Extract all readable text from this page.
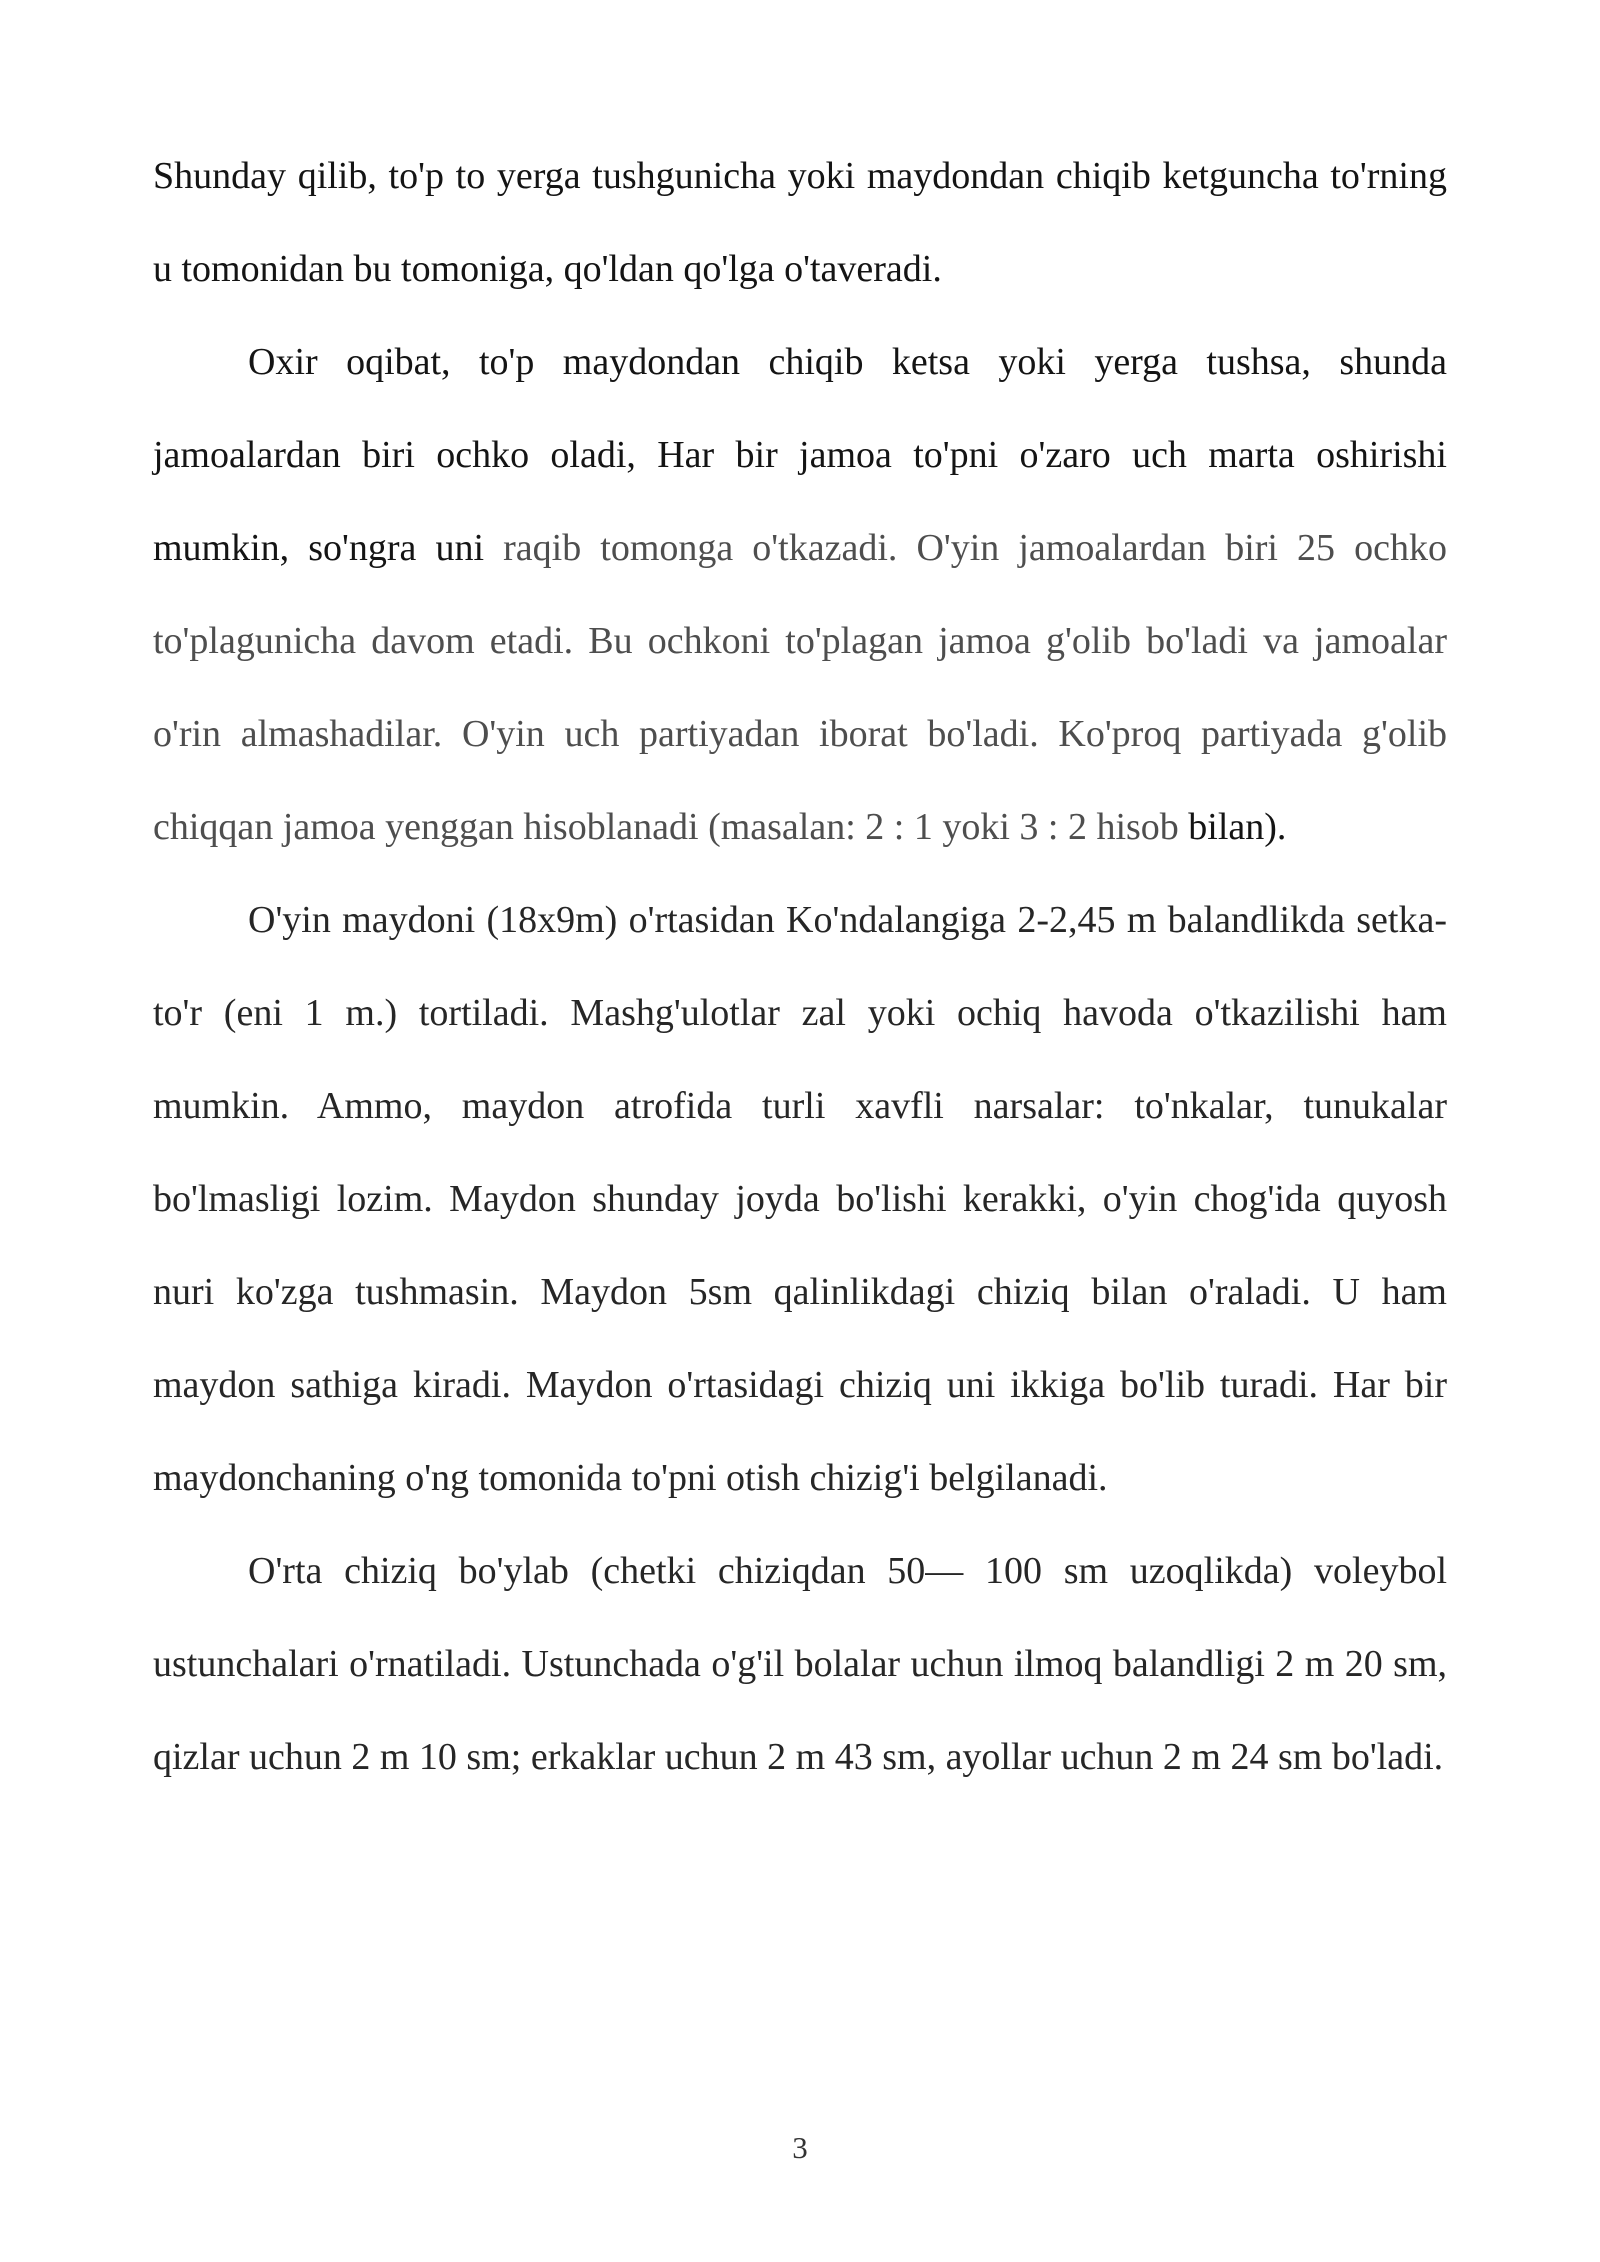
Shunday qilib, to'p to yerga tushgunicha yoki maydondan chiqib ketguncha to'rning u tomonidan bu tomoniga, qo'ldan qo'lga o'taveradi.

Oxir oqibat, to'p maydondan chiqib ketsa yoki yerga tushsa, shunda jamoalardan biri ochko oladi, Har bir jamoa to'pni o'zaro uch marta oshirishi mumkin, so'ngra uni raqib tomonga o'tkazadi. O'yin jamoalardan biri 25 ochko to'plagunicha davom etadi. Bu ochkoni to'plagan jamoa g'olib bo'ladi va jamoalar o'rin almashadilar. O'yin uch partiyadan iborat bo'ladi. Ko'proq partiyada g'olib chiqqan jamoa yenggan hisoblanadi (masalan: 2 : 1 yoki 3 : 2 hisob bilan).

O'yin maydoni (18x9m) o'rtasidan Ko'ndalangiga 2-2,45 m balandlikda setka-to'r (eni 1 m.) tortiladi. Mashg'ulotlar zal yoki ochiq havoda o'tkazilishi ham mumkin. Ammo, maydon atrofida turli xavfli narsalar: to'nkalar, tunukalar bo'lmasligi lozim. Maydon shunday joyda bo'lishi kerakki, o'yin chog'ida quyosh nuri ko'zga tushmasin. Maydon 5sm qalinlikdagi chiziq bilan o'raladi. U ham maydon sathiga kiradi. Maydon o'rtasidagi chiziq uni ikkiga bo'lib turadi. Har bir maydonchaning o'ng tomonida to'pni otish chizig'i belgilanadi.

O'rta chiziq bo'ylab (chetki chiziqdan 50— 100 sm uzoqlikda) voleybol ustunchalari o'rnatiladi. Ustunchada o'g'il bolalar uchun ilmoq balandligi 2 m 20 sm, qizlar uchun 2 m 10 sm; erkaklar uchun 2 m 43 sm, ayollar uchun 2 m 24 sm bo'ladi.

3
